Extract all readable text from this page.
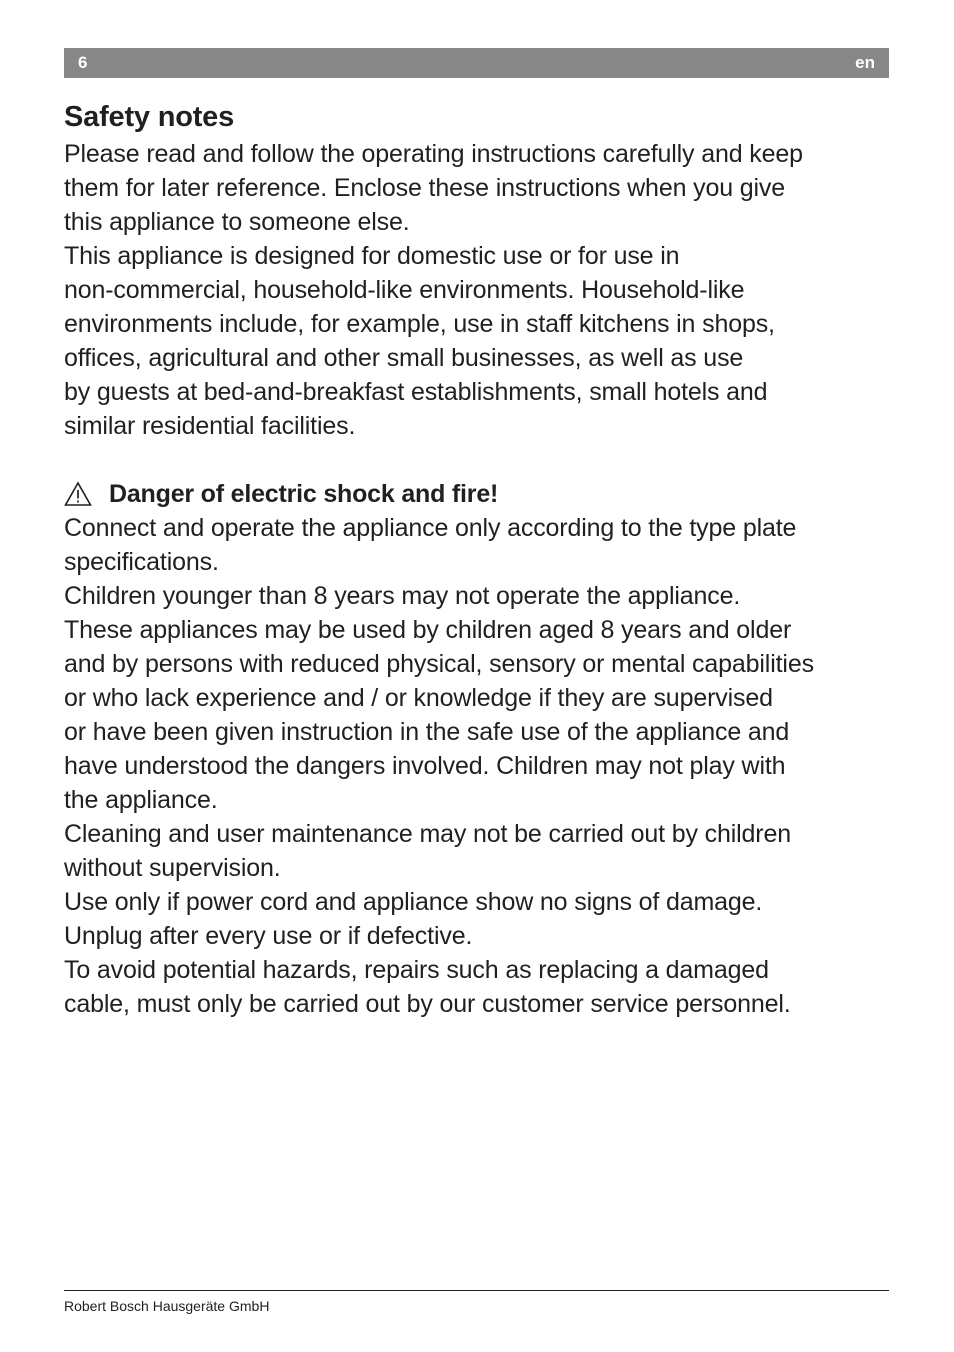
6	en
Safety notes

Please read and follow the operating instructions carefully and keep

them for later reference. Enclose these instructions when you give

this appliance to someone else.

This appliance is designed for domestic use or for use in

non-commercial, household-like environments. Household-like

environments include, for example, use in staff kitchens in shops,

offices, agricultural and other small businesses, as well as use

by guests at bed-and-breakfast establishments, small hotels and

similar residential facilities.

Danger of electric shock and fire!

Connect and operate the appliance only according to the type plate

specifications.

Children younger than 8 years may not operate the appliance.

These appliances may be used by children aged 8 years and older

and by persons with reduced physical, sensory or mental capabilities

or who lack experience and / or knowledge if they are supervised

or have been given instruction in the safe use of the appliance and

have understood the dangers involved. Children may not play with

the appliance.

Cleaning and user maintenance may not be carried out by children

without supervision.

Use only if power cord and appliance show no signs of damage.

Unplug after every use or if defective.

To avoid potential hazards, repairs such as replacing a damaged

cable, must only be carried out by our customer service personnel.

Robert Bosch Hausgeräte GmbH
